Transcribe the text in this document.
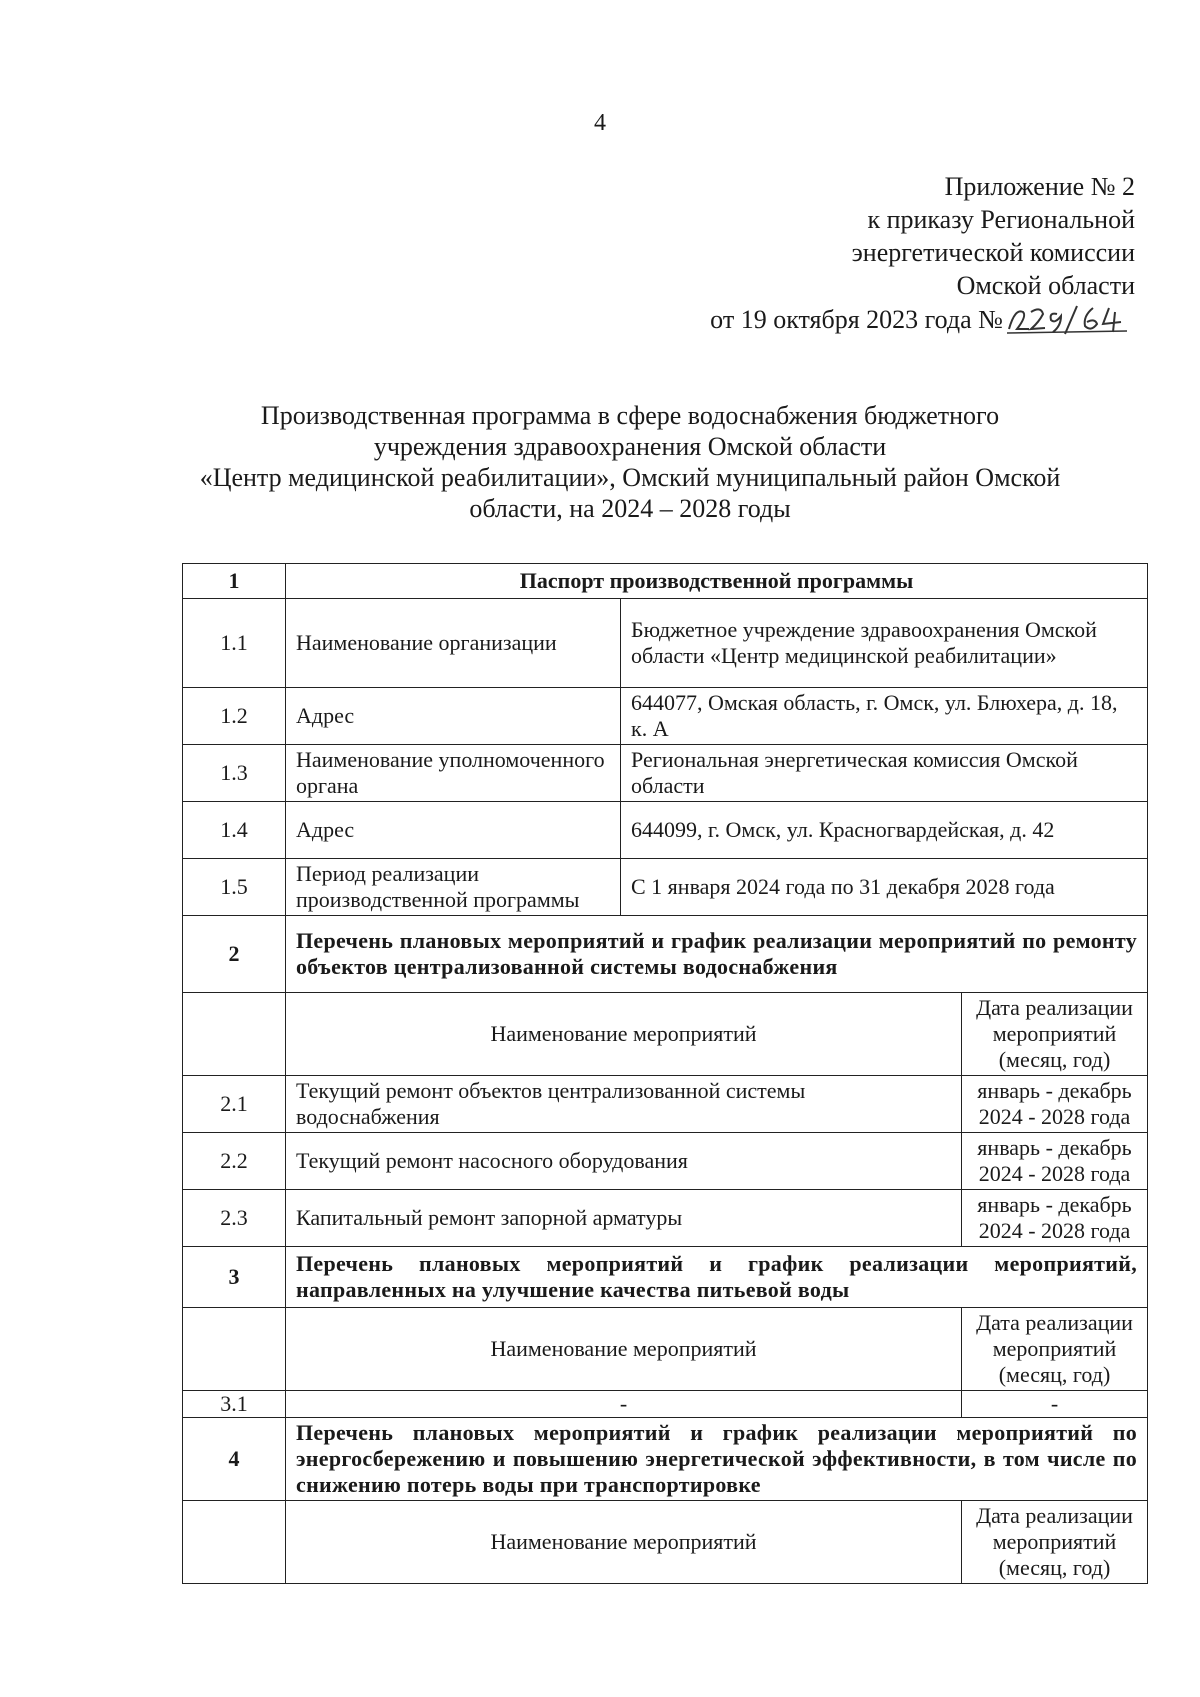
4
Приложение № 2
к приказу Региональной
энергетической комиссии
Омской области
от 19 октября 2023 года №
Производственная программа в сфере водоснабжения бюджетного
учреждения здравоохранения Омской области
«Центр медицинской реабилитации», Омский муниципальный район Омской
области, на 2024 – 2028 годы
1	Паспорт производственной программы		
1.1	Наименование организации	Бюджетное учреждение здравоохранения Омской области «Центр медицинской реабилитации»	
1.2	Адрес	644077, Омская область, г. Омск, ул. Блюхера, д. 18, к. А	
1.3	Наименование уполномоченного органа	Региональная энергетическая комиссия Омской области	
1.4	Адрес	644099, г. Омск, ул. Красногвардейская, д. 42	
1.5	Период реализации производственной программы	С 1 января 2024 года по 31 декабря 2028 года	
2	Перечень плановых мероприятий и график реализации мероприятий по ремонту объектов централизованной системы водоснабжения		
	Наименование мероприятий		Дата реализации мероприятий (месяц, год)
2.1	Текущий ремонт объектов централизованной системы водоснабжения		январь - декабрь 2024 - 2028 года
2.2	Текущий ремонт насосного оборудования		январь - декабрь 2024 - 2028 года
2.3	Капитальный ремонт запорной арматуры		январь - декабрь 2024 - 2028 года
3	Перечень плановых мероприятий и график реализации мероприятий, направленных на улучшение качества питьевой воды		
	Наименование мероприятий		Дата реализации мероприятий (месяц, год)
3.1	-		-
4	Перечень плановых мероприятий и график реализации мероприятий по энергосбережению и повышению энергетической эффективности, в том числе по снижению потерь воды при транспортировке		
	Наименование мероприятий		Дата реализации мероприятий (месяц, год)
